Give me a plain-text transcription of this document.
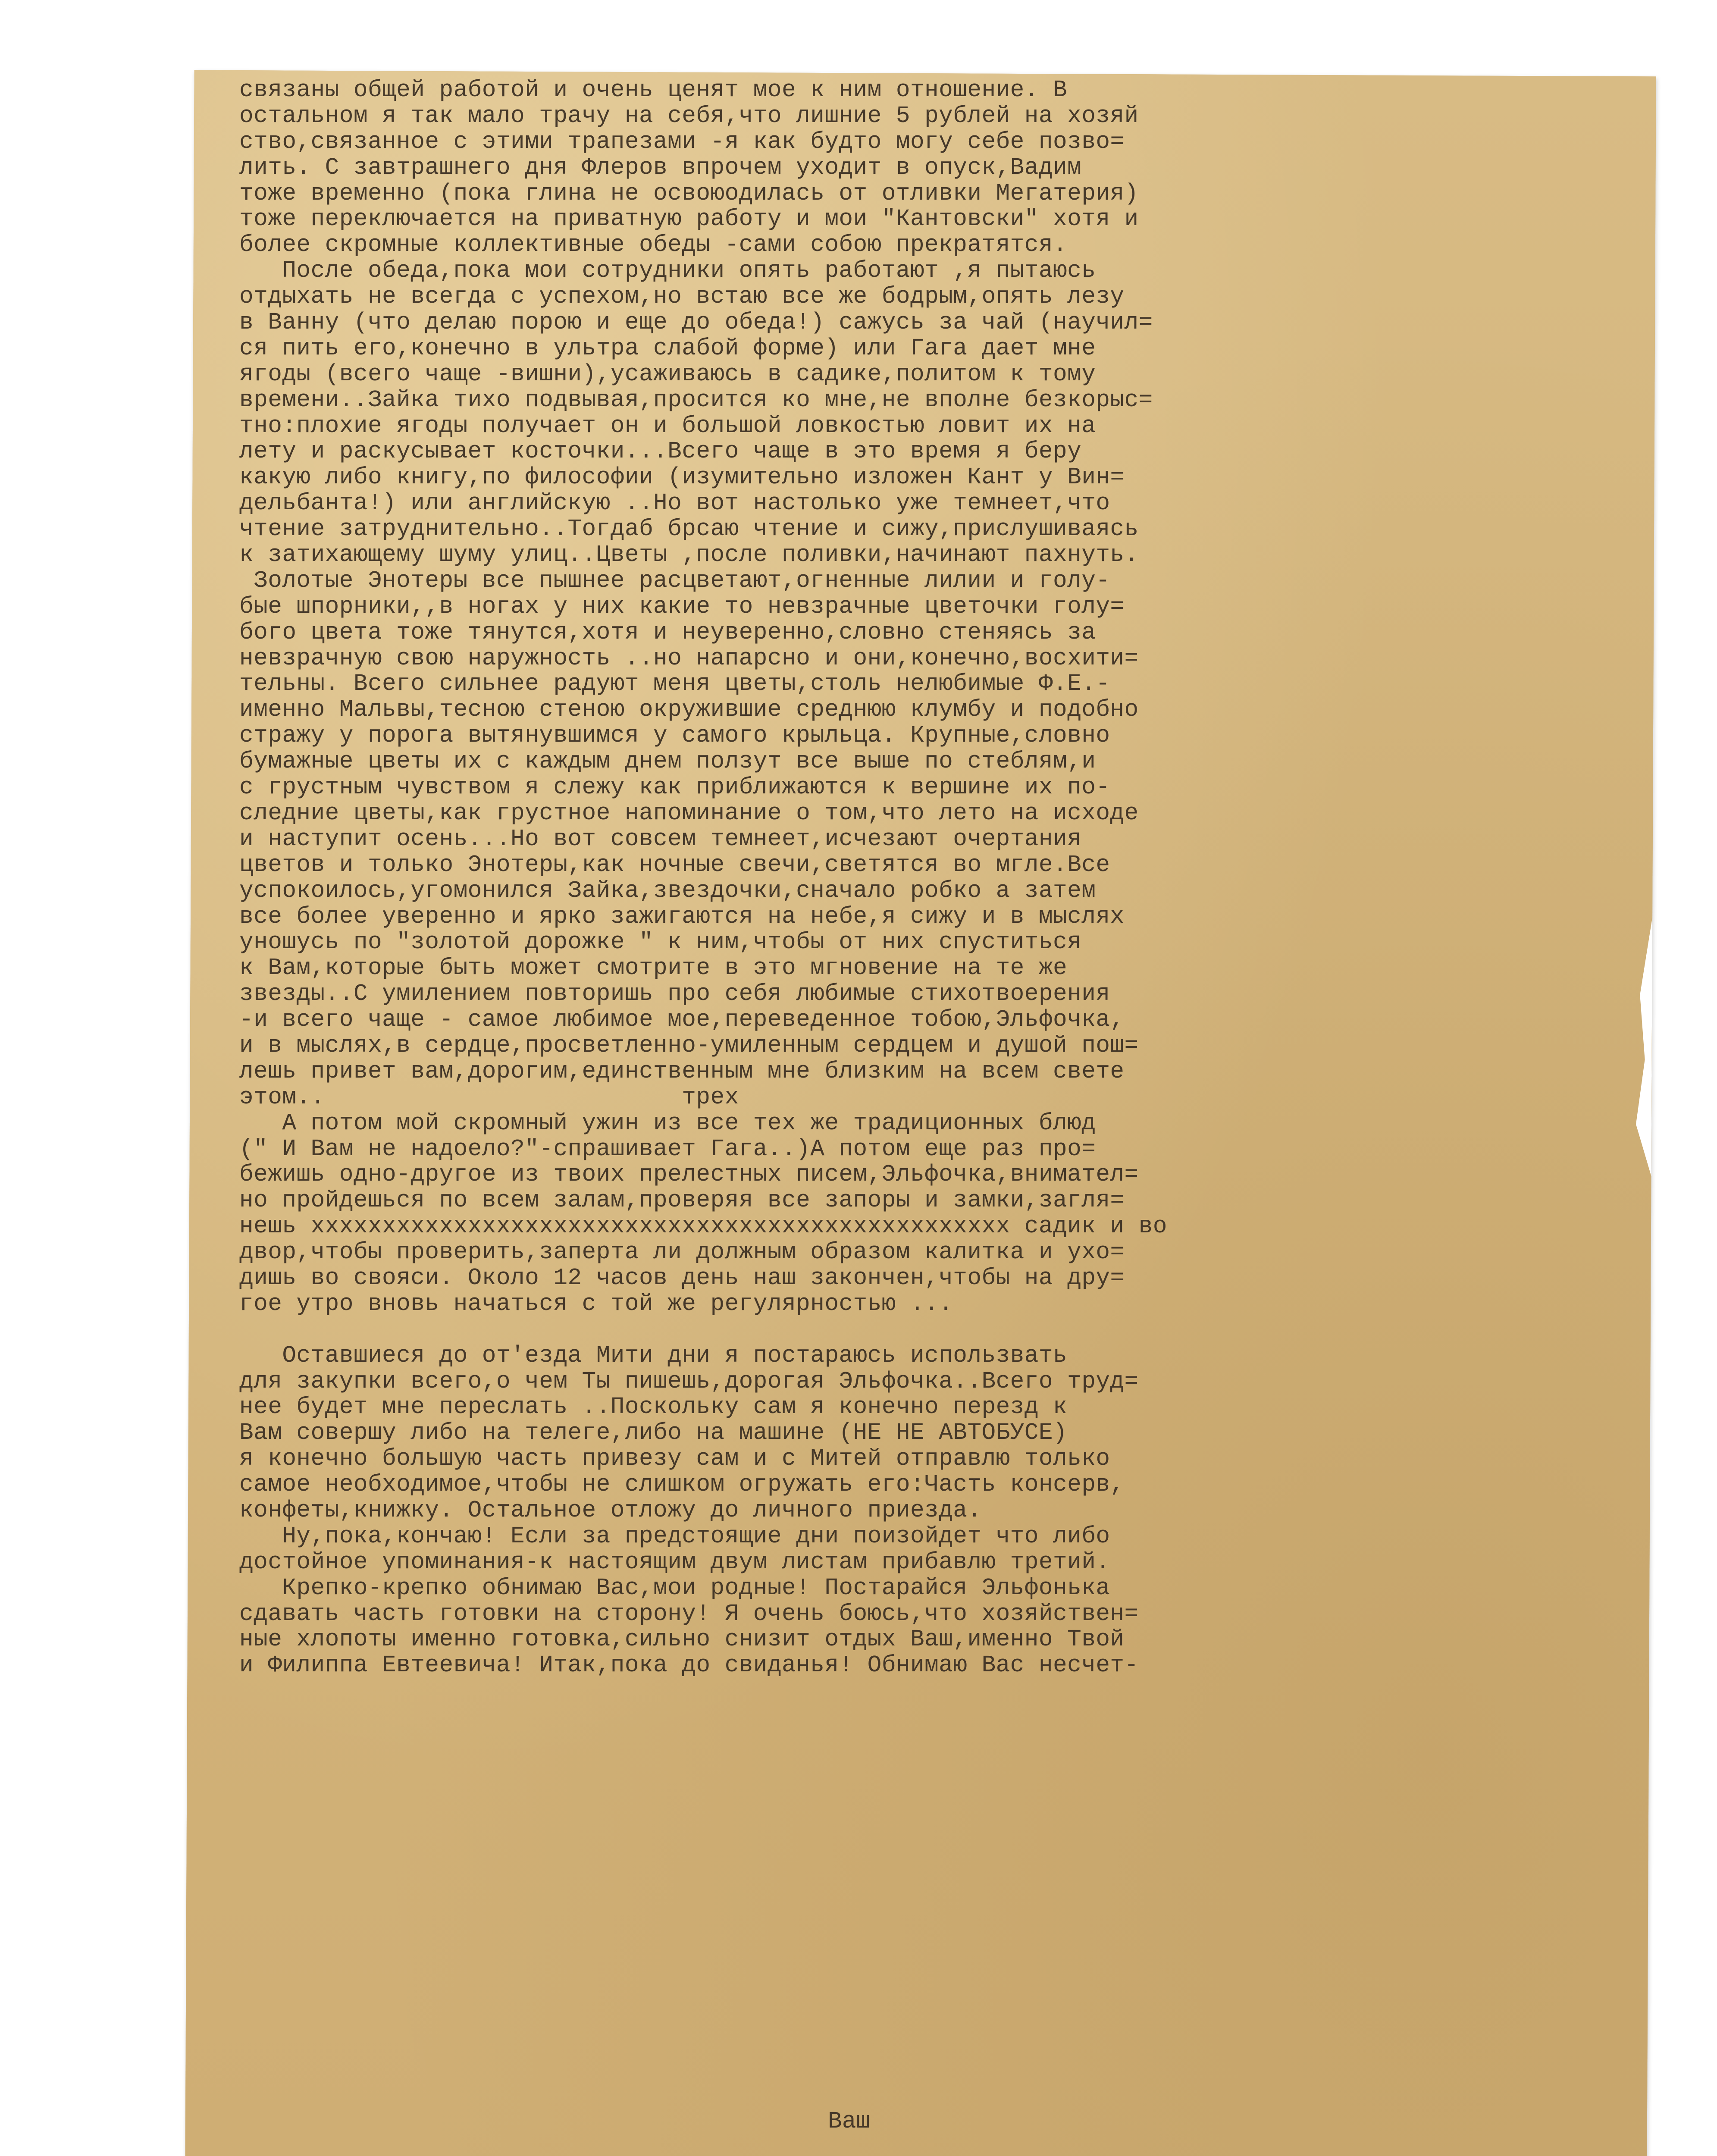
связаны общей работой и очень ценят мое к ним отношение. В
остальном я так мало трачу на себя,что лишние 5 рублей на хозяй
ство,связанное с этими трапезами -я как будто могу себе позво=
лить. С завтрашнего дня Флеров впрочем уходит в опуск,Вадим
тоже временно (пока глина не освоюодилась от отливки Мегатерия)
тоже переключается на приватную работу и мои "Кантовски" хотя и
более скромные коллективные обеды -сами собою прекратятся.
После обеда,пока мои сотрудники опять работают ,я пытаюсь
отдыхать не всегда с успехом,но встаю все же бодрым,опять лезу
в Ванну (что делаю порою и еще до обеда!) сажусь за чай (научил=
ся пить его,конечно в ультра слабой форме) или Гага дает мне
ягоды (всего чаще -вишни),усаживаюсь в садике,политом к тому
времени..Зайка тихо подвывая,просится ко мне,не вполне безкорыс=
тно:плохие ягоды получает он и большой ловкостью ловит их на
лету и раскусывает косточки...Всего чаще в это время я беру
какую либо книгу,по философии (изумительно изложен Кант у Вин=
дельбанта!) или английскую ..Но вот настолько уже темнеет,что
чтение затруднительно..Тогдаб брсаю чтение и сижу,прислушиваясь
к затихающему шуму улиц..Цветы ,после поливки,начинают пахнуть.
Золотые Энотеры все пышнее расцветают,огненные лилии и голу-
бые шпорники,,в ногах у них какие то невзрачные цветочки голу=
бого цвета тоже тянутся,хотя и неуверенно,словно стеняясь за
невзрачную свою наружность ..но напарсно и они,конечно,восхити=
тельны. Всего сильнее радуют меня цветы,столь нелюбимые Ф.Е.-
именно Мальвы,тесною стеною окружившие среднюю клумбу и подобно
стражу у порога вытянувшимся у самого крыльца. Крупные,словно
бумажные цветы их с каждым днем ползут все выше по стеблям,и
с грустным чувством я слежу как приближаются к вершине их по-
следние цветы,как грустное напоминание о том,что лето на исходе
и наступит осень...Но вот совсем темнеет,исчезают очертания
цветов и только Энотеры,как ночные свечи,светятся во мгле.Все
успокоилось,угомонился Зайка,звездочки,сначало робко а затем
все более уверенно и ярко зажигаются на небе,я сижу и в мыслях
уношусь по "золотой дорожке " к ним,чтобы от них спуститься
к Вам,которые быть может смотрите в это мгновение на те же
звезды..С умилением повторишь про себя любимые стихотвоерения
-и всего чаще - самое любимое мое,переведенное тобою,Эльфочка,
и в мыслях,в сердце,просветленно-умиленным сердцем и душой пош=
лешь привет вам,дорогим,единственным мне близким на всем свете
этом..                         трех
А потом мой скромный ужин из все тех же традиционных блюд
(" И Вам не надоело?"-спрашивает Гага..)А потом еще раз про=
бежишь одно-другое из твоих прелестных писем,Эльфочка,внимател=
но пройдешься по всем залам,проверяя все запоры и замки,загля=
нешь xxxxxxxxxxxxxxxxxxxxxxxxxxxxxxxxxxxxxxxxxxxxxxxxx садик и во
двор,чтобы проверить,заперта ли должным образом калитка и ухо=
дишь во свояси. Около 12 часов день наш закончен,чтобы на дру=
гое утро вновь начаться с той же регулярностью ...
Оставшиеся до от'езда Мити дни я постараюсь использвать
для закупки всего,о чем Ты пишешь,дорогая Эльфочка..Всего труд=
нее будет мне переслать ..Поскольку сам я конечно перезд к
Вам совершу либо на телеге,либо на машине (НЕ НЕ АВТОБУСЕ)
я конечно большую часть привезу сам и с Митей отправлю только
самое необходимое,чтобы не слишком огружать его:Часть консерв,
конфеты,книжку. Остальное отложу до личного приезда.
Ну,пока,кончаю! Если за предстоящие дни поизойдет что либо
достойное упоминания-к настоящим двум листам прибавлю третий.
Крепко-крепко обнимаю Вас,мои родные! Постарайся Эльфонька
сдавать часть готовки на сторону! Я очень боюсь,что хозяйствен=
ные хлопоты именно готовка,сильно снизит отдых Ваш,именно Твой
и Филиппа Евтеевича! Итак,пока до свиданья! Обнимаю Вас несчет-
Ваш
